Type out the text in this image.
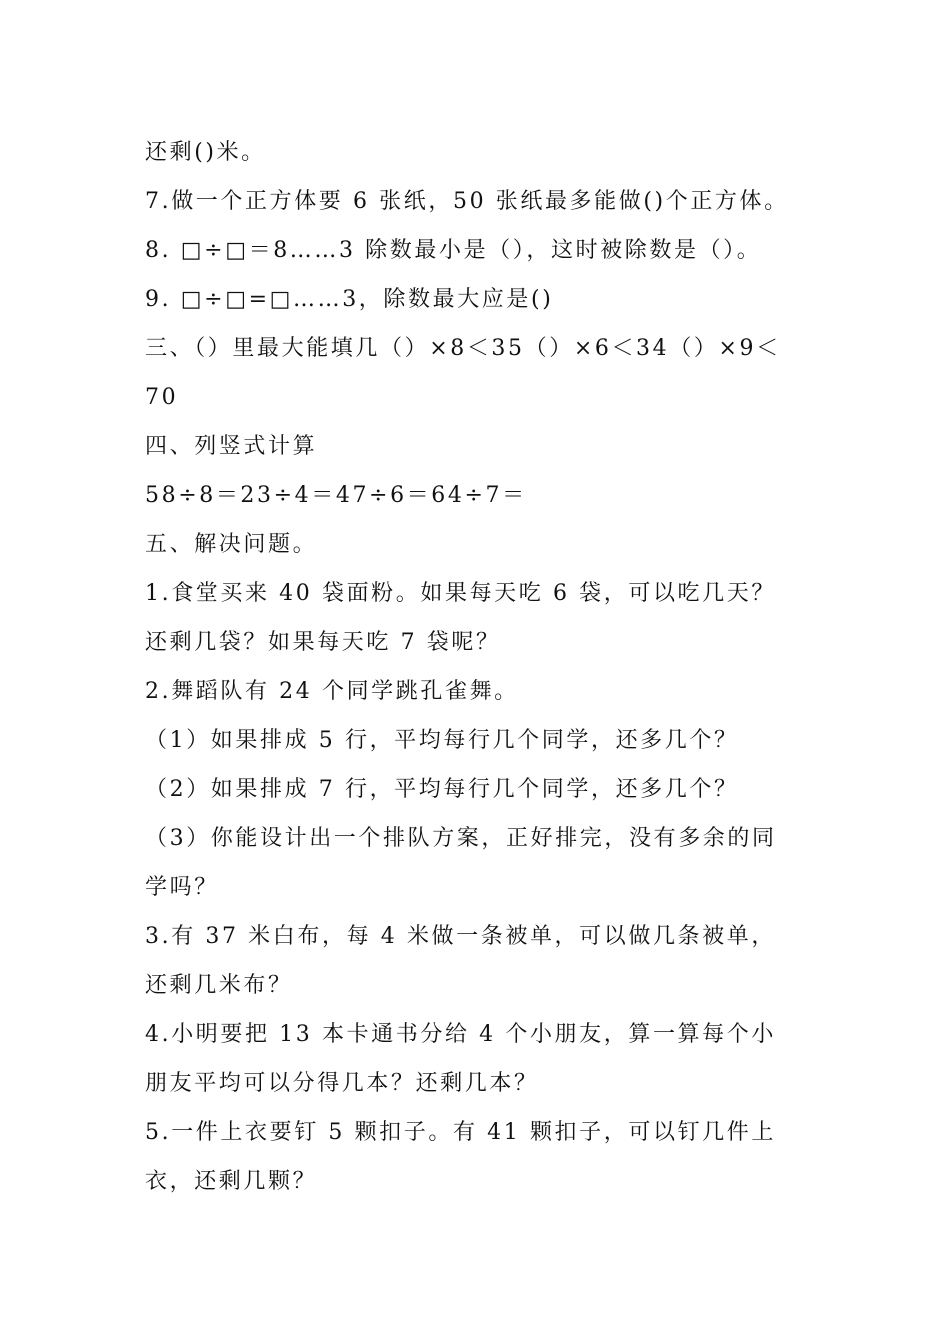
还剩()米。
7.做一个正方体要 6 张纸，50 张纸最多能做()个正方体。
8. □÷□＝8……3 除数最小是（），这时被除数是（）。
9. □÷□=□……3，除数最大应是()
三、（）里最大能填几（）×8＜35（）×6＜34（）×9＜
70
四、列竖式计算
58÷8＝23÷4＝47÷6＝64÷7＝
五、解决问题。
1.食堂买来 40 袋面粉。如果每天吃 6 袋，可以吃几天？
还剩几袋？如果每天吃 7 袋呢？
2.舞蹈队有 24 个同学跳孔雀舞。
（1）如果排成 5 行，平均每行几个同学，还多几个？
（2）如果排成 7 行，平均每行几个同学，还多几个？
（3）你能设计出一个排队方案，正好排完，没有多余的同
学吗？
3.有 37 米白布，每 4 米做一条被单，可以做几条被单，
还剩几米布？
4.小明要把 13 本卡通书分给 4 个小朋友，算一算每个小
朋友平均可以分得几本？还剩几本？
5.一件上衣要钉 5 颗扣子。有 41 颗扣子，可以钉几件上
衣，还剩几颗？
